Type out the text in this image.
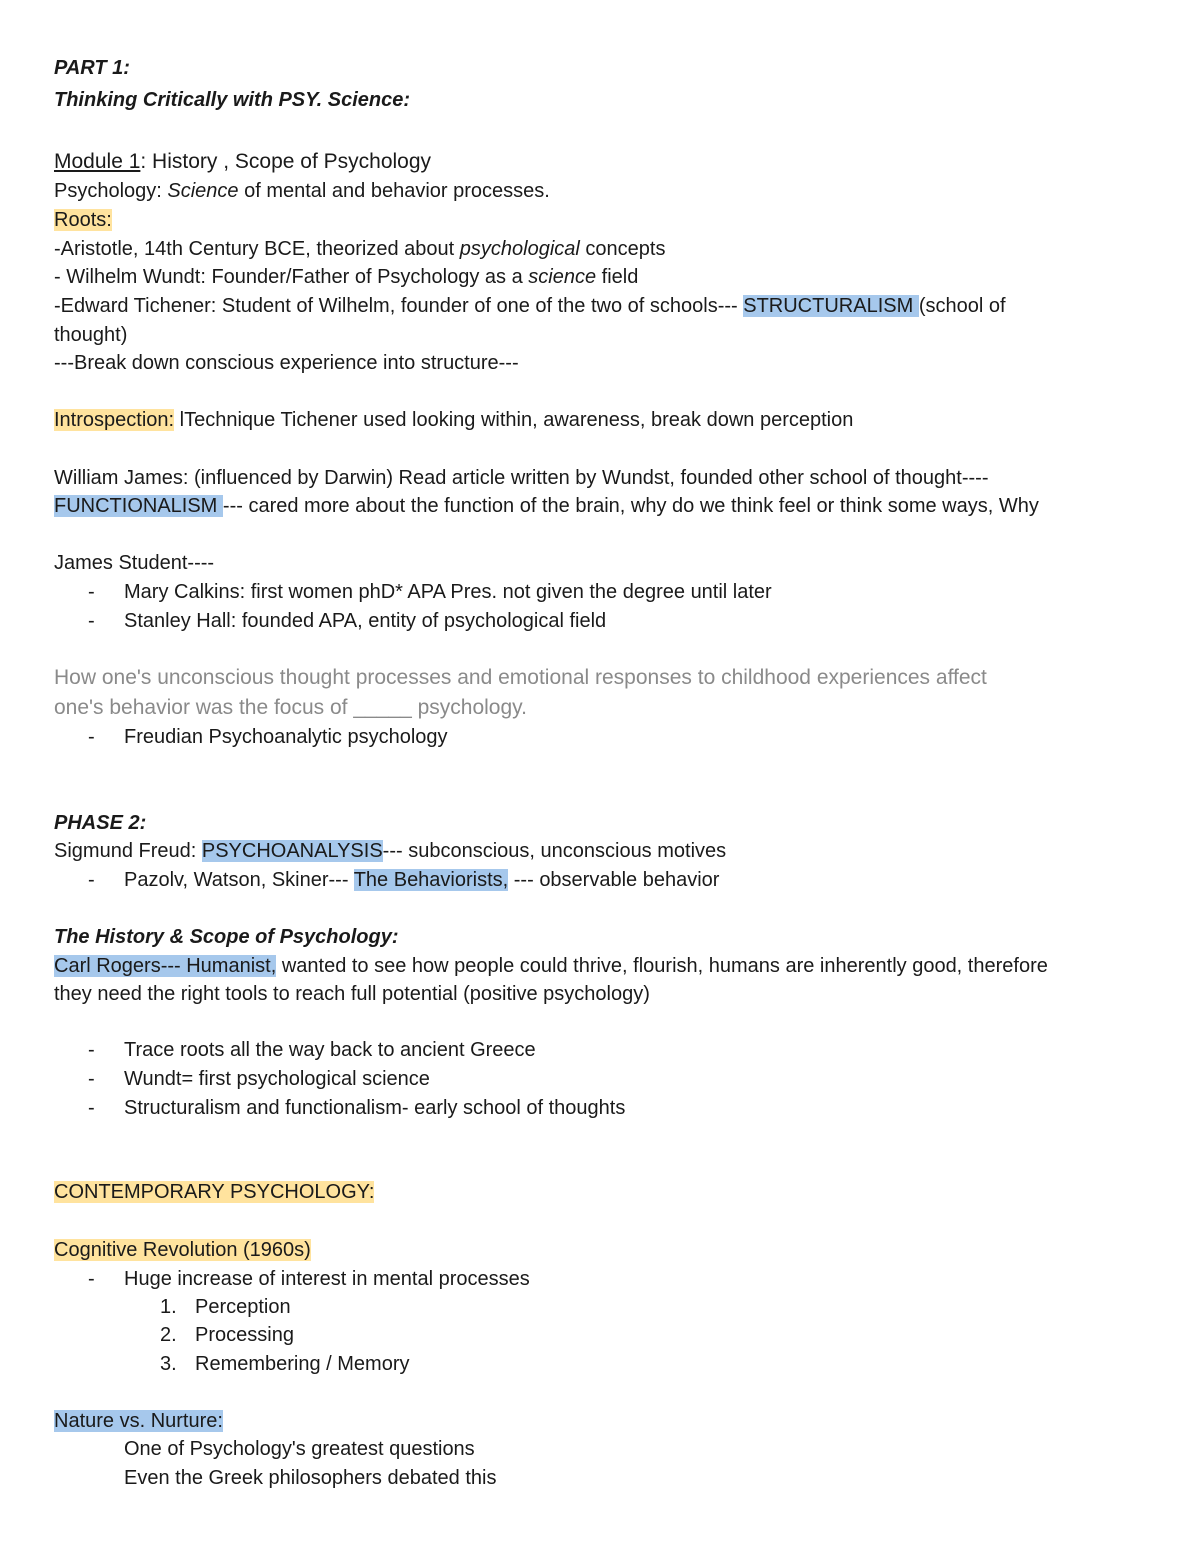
PART 1:
Thinking Critically with PSY. Science:
Module 1: History , Scope of Psychology
Psychology: Science of mental and behavior processes.
Roots:
-Aristotle, 14th Century BCE, theorized about psychological concepts
- Wilhelm Wundt: Founder/Father of Psychology as a science field
-Edward Tichener: Student of Wilhelm, founder of one of the two of schools--- STRUCTURALISM (school of
thought)
---Break down conscious experience into structure---
Introspection: lTechnique Tichener used looking within, awareness, break down perception
William James: (influenced by Darwin) Read article written by Wundst, founded other school of thought----
FUNCTIONALISM --- cared more about the function of the brain, why do we think feel or think some ways, Why
James Student----
- Mary Calkins: first women phD* APA Pres. not given the degree until later
- Stanley Hall: founded APA, entity of psychological field
How one's unconscious thought processes and emotional responses to childhood experiences affect
one's behavior was the focus of _____ psychology.
- Freudian Psychoanalytic psychology
PHASE 2:
Sigmund Freud: PSYCHOANALYSIS--- subconscious, unconscious motives
- Pazolv, Watson, Skiner--- The Behaviorists, --- observable behavior
The History & Scope of Psychology:
Carl Rogers--- Humanist, wanted to see how people could thrive, flourish, humans are inherently good, therefore
they need the right tools to reach full potential (positive psychology)
- Trace roots all the way back to ancient Greece
- Wundt= first psychological science
- Structuralism and functionalism- early school of thoughts
CONTEMPORARY PSYCHOLOGY:
Cognitive Revolution (1960s)
- Huge increase of interest in mental processes
1. Perception
2. Processing
3. Remembering / Memory
Nature vs. Nurture:
One of Psychology's greatest questions
Even the Greek philosophers debated this
